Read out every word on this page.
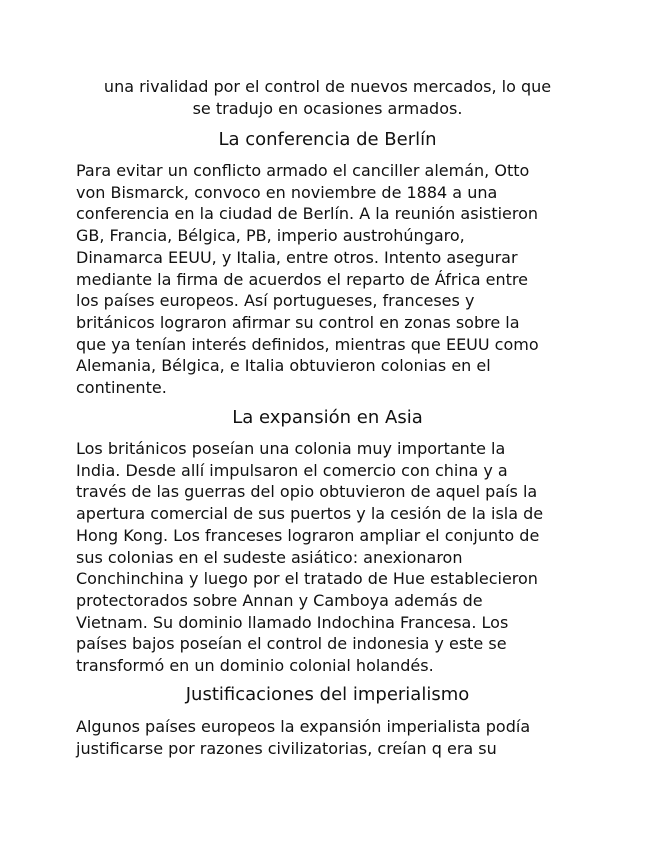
una rivalidad por el control de nuevos mercados, lo que
se tradujo en ocasiones armados.
La conferencia de Berlín

Para evitar un conflicto armado el canciller alemán, Otto
von Bismarck, convoco en noviembre de 1884 a una
conferencia en la ciudad de Berlín. A la reunión asistieron
GB, Francia, Bélgica, PB, imperio austrohúngaro,
Dinamarca EEUU, y Italia, entre otros. Intento asegurar
mediante la firma de acuerdos el reparto de África entre
los países europeos. Así portugueses, franceses y
británicos lograron afirmar su control en zonas sobre la
que ya tenían interés definidos, mientras que EEUU como
Alemania, Bélgica, e Italia obtuvieron colonias en el
continente.

La expansión en Asia

Los británicos poseían una colonia muy importante la
India. Desde allí impulsaron el comercio con china y a
través de las guerras del opio obtuvieron de aquel país la
apertura comercial de sus puertos y la cesión de la isla de
Hong Kong. Los franceses lograron ampliar el conjunto de
sus colonias en el sudeste asiático: anexionaron
Conchinchina y luego por el tratado de Hue establecieron
protectorados sobre Annan y Camboya además de
Vietnam. Su dominio llamado Indochina Francesa. Los
países bajos poseían el control de indonesia y este se
transformó en un dominio colonial holandés.

Justificaciones del imperialismo

Algunos países europeos la expansión imperialista podía
justificarse por razones civilizatorias, creían q era su
